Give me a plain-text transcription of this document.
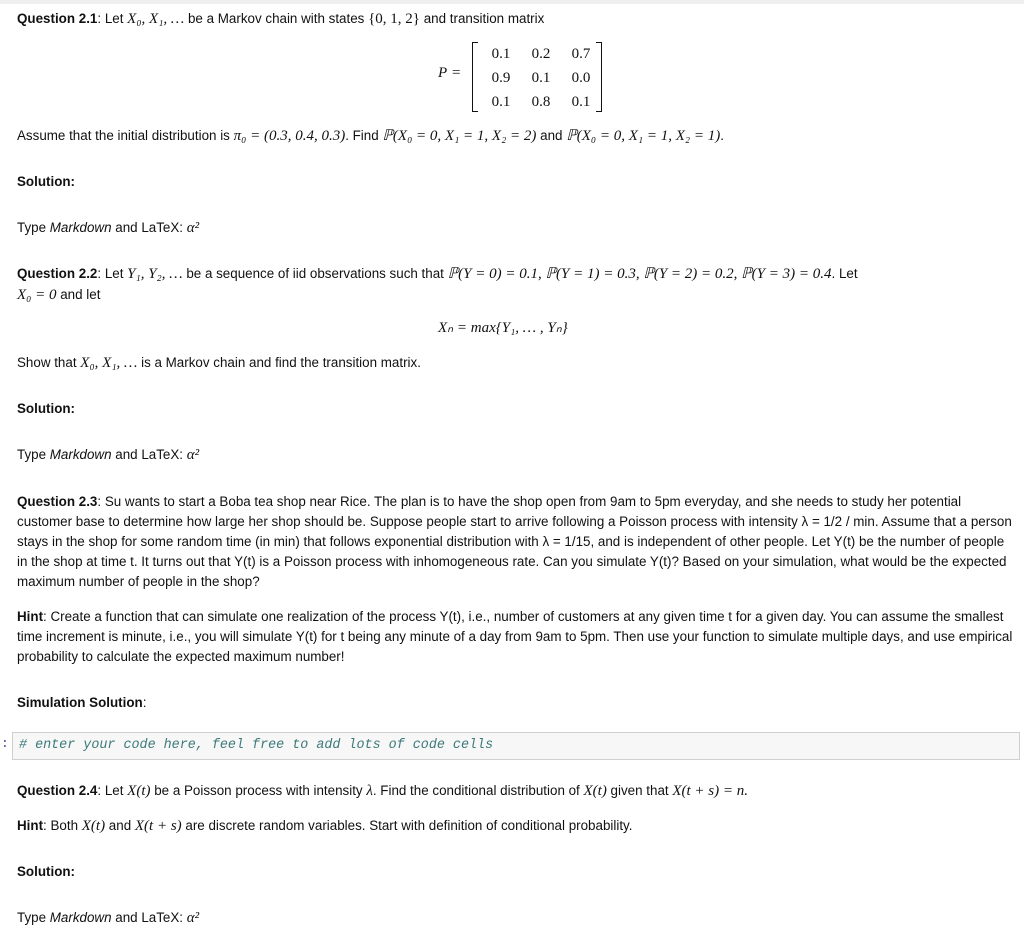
Question 2.1: Let X₀, X₁, … be a Markov chain with states {0, 1, 2} and transition matrix
P =
0.1	0.2	0.7
0.9	0.1	0.0
0.1	0.8	0.1
Assume that the initial distribution is π₀ = (0.3, 0.4, 0.3). Find ℙ(X₀ = 0, X₁ = 1, X₂ = 2) and ℙ(X₀ = 0, X₁ = 1, X₂ = 1).
Solution:
Type Markdown and LaTeX: α²
Question 2.2: Let Y₁, Y₂, … be a sequence of iid observations such that ℙ(Y = 0) = 0.1, ℙ(Y = 1) = 0.3, ℙ(Y = 2) = 0.2, ℙ(Y = 3) = 0.4. Let
X₀ = 0 and let
Xₙ = max{Y₁, … , Yₙ}
Show that X₀, X₁, … is a Markov chain and find the transition matrix.
Solution:
Type Markdown and LaTeX: α²
Question 2.3: Su wants to start a Boba tea shop near Rice. The plan is to have the shop open from 9am to 5pm everyday, and she needs to study her potential customer base to determine how large her shop should be. Suppose people start to arrive following a Poisson process with intensity λ = 1/2 / min. Assume that a person stays in the shop for some random time (in min) that follows exponential distribution with λ = 1/15, and is independent of other people. Let Y(t) be the number of people in the shop at time t. It turns out that Y(t) is a Poisson process with inhomogeneous rate. Can you simulate Y(t)? Based on your simulation, what would be the expected maximum number of people in the shop?
Hint: Create a function that can simulate one realization of the process Y(t), i.e., number of customers at any given time t for a given day. You can assume the smallest time increment is minute, i.e., you will simulate Y(t) for t being any minute of a day from 9am to 5pm. Then use your function to simulate multiple days, and use empirical probability to calculate the expected maximum number!
Simulation Solution:
: # enter your code here, feel free to add lots of code cells
Question 2.4: Let X(t) be a Poisson process with intensity λ. Find the conditional distribution of X(t) given that X(t + s) = n.
Hint: Both X(t) and X(t + s) are discrete random variables. Start with definition of conditional probability.
Solution:
Type Markdown and LaTeX: α²
